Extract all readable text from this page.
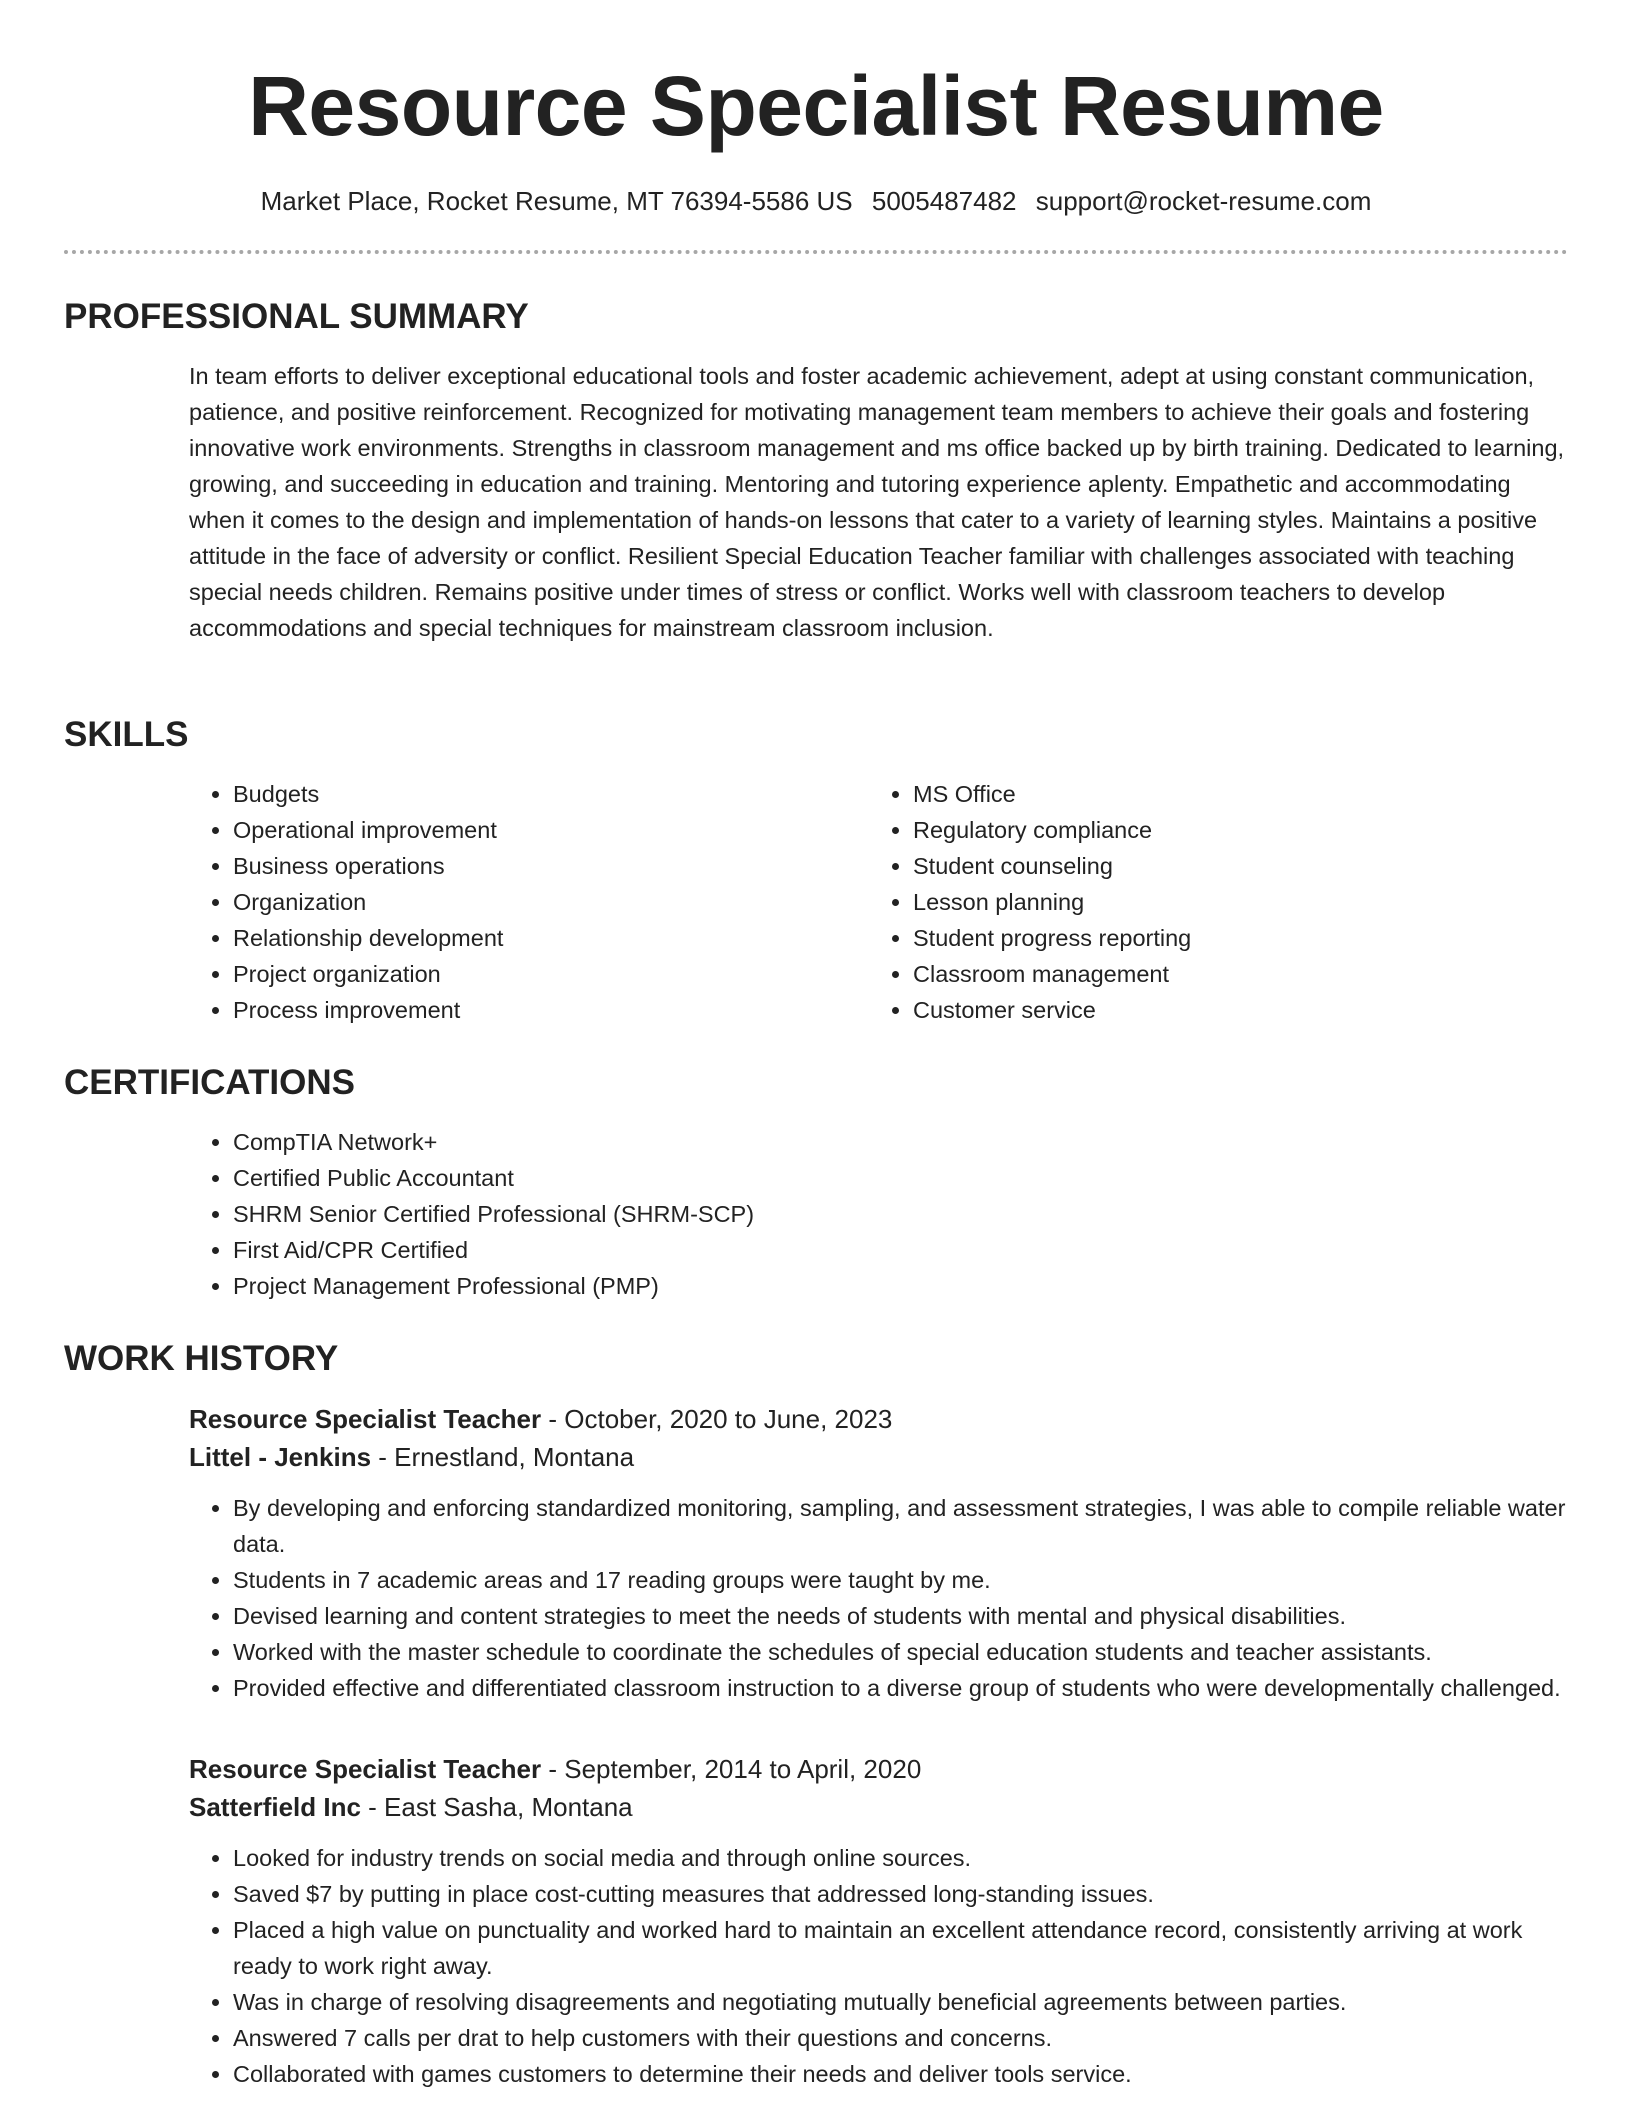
Resource Specialist Resume
Market Place, Rocket Resume, MT 76394-5586 US 5005487482 support@rocket-resume.com
PROFESSIONAL SUMMARY

In team efforts to deliver exceptional educational tools and foster academic achievement, adept at using constant communication, patience, and positive reinforcement. Recognized for motivating management team members to achieve their goals and fostering innovative work environments. Strengths in classroom management and ms office backed up by birth training. Dedicated to learning, growing, and succeeding in education and training. Mentoring and tutoring experience aplenty. Empathetic and accommodating when it comes to the design and implementation of hands-on lessons that cater to a variety of learning styles. Maintains a positive attitude in the face of adversity or conflict. Resilient Special Education Teacher familiar with challenges associated with teaching special needs children. Remains positive under times of stress or conflict. Works well with classroom teachers to develop accommodations and special techniques for mainstream classroom inclusion.

SKILLS
• Budgets
• Operational improvement
• Business operations
• Organization
• Relationship development
• Project organization
• Process improvement
• MS Office
• Regulatory compliance
• Student counseling
• Lesson planning
• Student progress reporting
• Classroom management
• Customer service
CERTIFICATIONS
• CompTIA Network+
• Certified Public Accountant
• SHRM Senior Certified Professional (SHRM-SCP)
• First Aid/CPR Certified
• Project Management Professional (PMP)
WORK HISTORY
Resource Specialist Teacher - October, 2020 to June, 2023
Littel - Jenkins - Ernestland, Montana
• By developing and enforcing standardized monitoring, sampling, and assessment strategies, I was able to compile reliable water data.
• Students in 7 academic areas and 17 reading groups were taught by me.
• Devised learning and content strategies to meet the needs of students with mental and physical disabilities.
• Worked with the master schedule to coordinate the schedules of special education students and teacher assistants.
• Provided effective and differentiated classroom instruction to a diverse group of students who were developmentally challenged.
Resource Specialist Teacher - September, 2014 to April, 2020
Satterfield Inc - East Sasha, Montana
• Looked for industry trends on social media and through online sources.
• Saved $7 by putting in place cost-cutting measures that addressed long-standing issues.
• Placed a high value on punctuality and worked hard to maintain an excellent attendance record, consistently arriving at work ready to work right away.
• Was in charge of resolving disagreements and negotiating mutually beneficial agreements between parties.
• Answered 7 calls per drat to help customers with their questions and concerns.
• Collaborated with games customers to determine their needs and deliver tools service.
